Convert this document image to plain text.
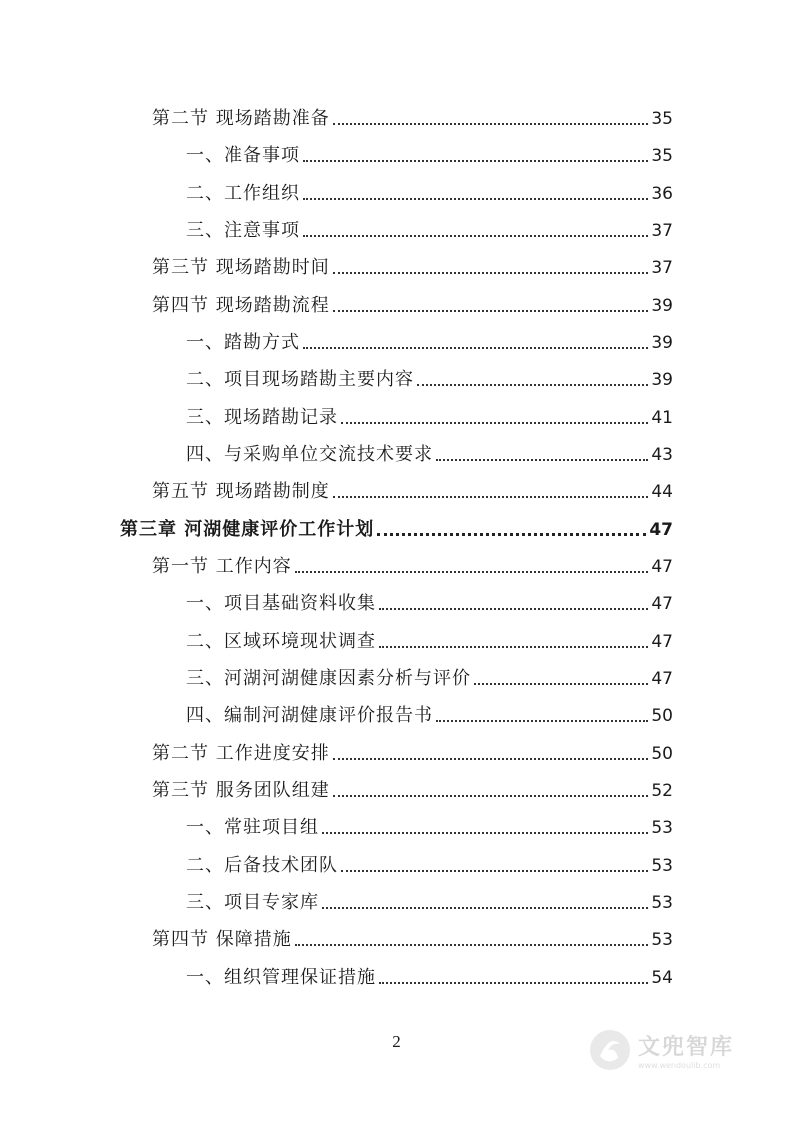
第二节 现场踏勘准备	35
一、准备事项	35
二、工作组织	36
三、注意事项	37
第三节 现场踏勘时间	37
第四节 现场踏勘流程	39
一、踏勘方式	39
二、项目现场踏勘主要内容	39
三、现场踏勘记录	41
四、与采购单位交流技术要求	43
第五节 现场踏勘制度	44
第三章 河湖健康评价工作计划	47
第一节 工作内容	47
一、项目基础资料收集	47
二、区域环境现状调查	47
三、河湖河湖健康因素分析与评价	47
四、编制河湖健康评价报告书	50
第二节 工作进度安排	50
第三节 服务团队组建	52
一、常驻项目组	53
二、后备技术团队	53
三、项目专家库	53
第四节 保障措施	53
一、组织管理保证措施	54
2	文兜智库
www.wendoulib.com
